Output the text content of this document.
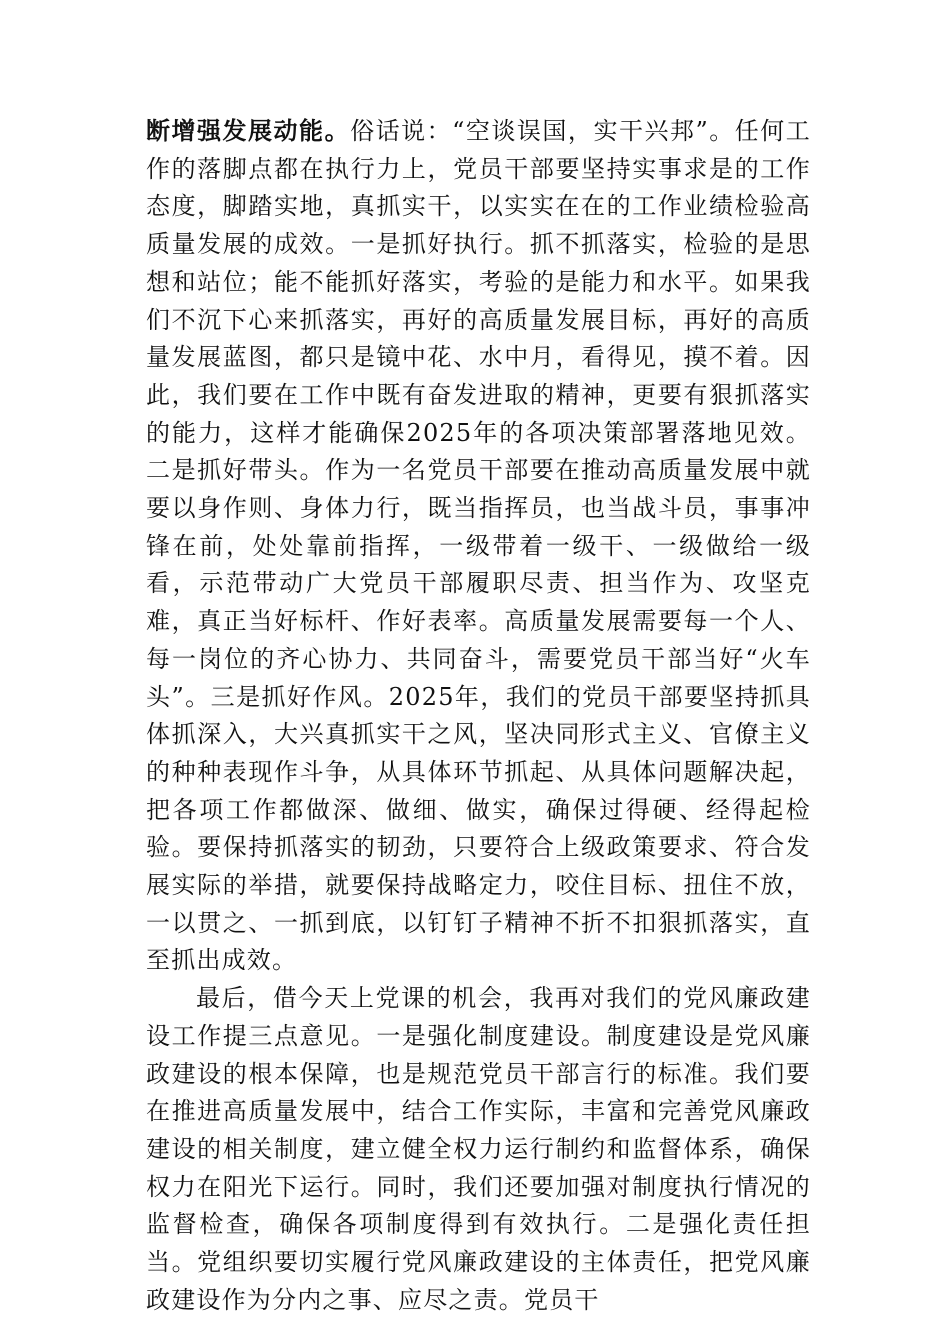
断增强发展动能。俗话说：“空谈误国，实干兴邦”。任何工作的落脚点都在执行力上，党员干部要坚持实事求是的工作态度，脚踏实地，真抓实干，以实实在在的工作业绩检验高质量发展的成效。一是抓好执行。抓不抓落实，检验的是思想和站位；能不能抓好落实，考验的是能力和水平。如果我们不沉下心来抓落实，再好的高质量发展目标，再好的高质量发展蓝图，都只是镜中花、水中月，看得见，摸不着。因此，我们要在工作中既有奋发进取的精神，更要有狠抓落实的能力，这样才能确保2025年的各项决策部署落地见效。二是抓好带头。作为一名党员干部要在推动高质量发展中就要以身作则、身体力行，既当指挥员，也当战斗员，事事冲锋在前，处处靠前指挥，一级带着一级干、一级做给一级看，示范带动广大党员干部履职尽责、担当作为、攻坚克难，真正当好标杆、作好表率。高质量发展需要每一个人、每一岗位的齐心协力、共同奋斗，需要党员干部当好“火车头”。三是抓好作风。2025年，我们的党员干部要坚持抓具体抓深入，大兴真抓实干之风，坚决同形式主义、官僚主义的种种表现作斗争，从具体环节抓起、从具体问题解决起，把各项工作都做深、做细、做实，确保过得硬、经得起检验。要保持抓落实的韧劲，只要符合上级政策要求、符合发展实际的举措，就要保持战略定力，咬住目标、扭住不放，一以贯之、一抓到底，以钉钉子精神不折不扣狠抓落实，直至抓出成效。

最后，借今天上党课的机会，我再对我们的党风廉政建设工作提三点意见。一是强化制度建设。制度建设是党风廉政建设的根本保障，也是规范党员干部言行的标准。我们要在推进高质量发展中，结合工作实际，丰富和完善党风廉政建设的相关制度，建立健全权力运行制约和监督体系，确保权力在阳光下运行。同时，我们还要加强对制度执行情况的监督检查，确保各项制度得到有效执行。二是强化责任担当。党组织要切实履行党风廉政建设的主体责任，把党风廉政建设作为分内之事、应尽之责。党员干
